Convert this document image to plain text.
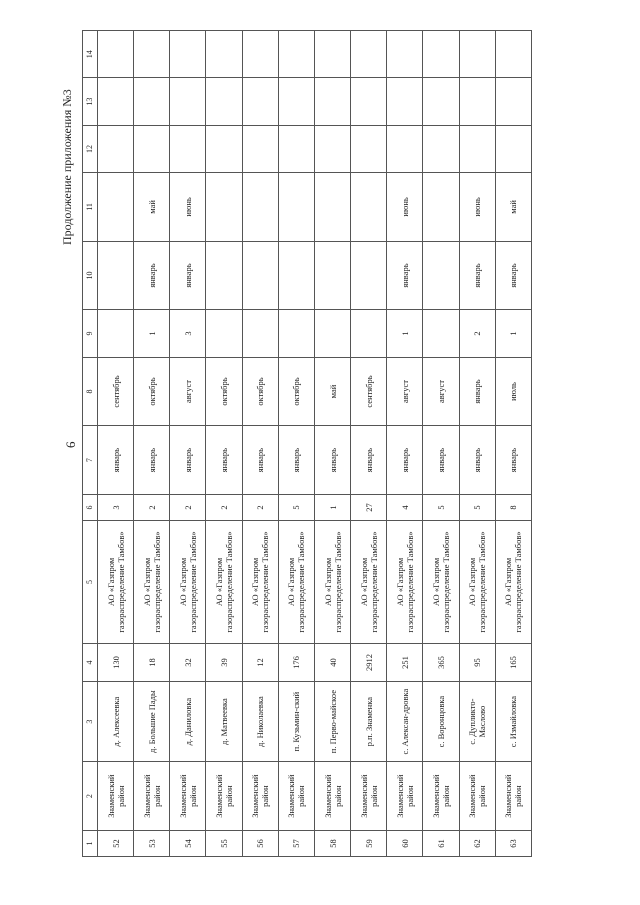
6
Продолжение приложения №3
1	2	3	4	5	6	7	8	9	10	11	12	13	14
52	Знаменский район	д. Алексеевка	130	АО «Газпром газораспределение Тамбов»	3	январь	сентябрь						
53	Знаменский район	д. Большие Пады	18	АО «Газпром газораспределение Тамбов»	2	январь	октябрь	1	январь	май			
54	Знаменский район	д. Даниловка	32	АО «Газпром газораспределение Тамбов»	2	январь	август	3	январь	июнь			
55	Знаменский район	д. Матвеевка	39	АО «Газпром газораспределение Тамбов»	2	январь	октябрь						
56	Знаменский район	д. Николаевка	12	АО «Газпром газораспределение Тамбов»	2	январь	октябрь						
57	Знаменский район	п. Кузьмин-ский	176	АО «Газпром газораспределение Тамбов»	5	январь	октябрь						
58	Знаменский район	п. Перво-майское	40	АО «Газпром газораспределение Тамбов»	1	январь	май						
59	Знаменский район	р.п. Знаменка	2912	АО «Газпром газораспределение Тамбов»	27	январь	сентябрь						
60	Знаменский район	с. Алексан-дровка	251	АО «Газпром газораспределение Тамбов»	4	январь	август	1	январь	июнь			
61	Знаменский район	с. Воронцовка	365	АО «Газпром газораспределение Тамбов»	5	январь	август						
62	Знаменский район	с. Дупликто-Маслово	95	АО «Газпром газораспределение Тамбов»	5	январь	январь	2	январь	июнь			
63	Знаменский район	с. Измайловка	165	АО «Газпром газораспределение Тамбов»	8	январь	июль	1	январь	май			
